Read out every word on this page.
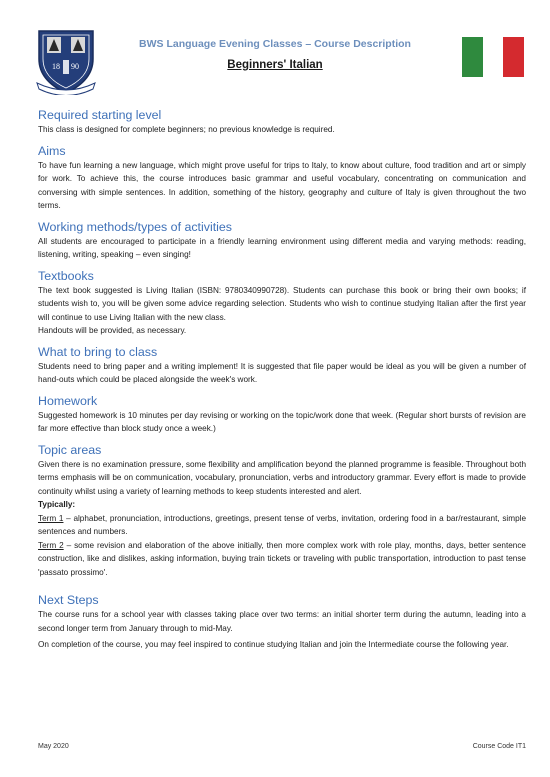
18 90
BWS Language Evening Classes – Course Description
Beginners' Italian
Required starting level

This class is designed for complete beginners; no previous knowledge is required.

Aims

To have fun learning a new language, which might prove useful for trips to Italy, to know about culture, food tradition and art or simply for work. To achieve this, the course introduces basic grammar and useful vocabulary, concentrating on communication and conversing with simple sentences. In addition, something of the history, geography and culture of Italy is given throughout the two terms.

Working methods/types of activities

All students are encouraged to participate in a friendly learning environment using different media and varying methods: reading, listening, writing, speaking – even singing!

Textbooks

The text book suggested is Living Italian (ISBN: 9780340990728). Students can purchase this book or bring their own books; if students wish to, you will be given some advice regarding selection. Students who wish to continue studying Italian after the first year will continue to use Living Italian with the new class.

Handouts will be provided, as necessary.

What to bring to class

Students need to bring paper and a writing implement! It is suggested that file paper would be ideal as you will be given a number of hand-outs which could be placed alongside the week's work.

Homework

Suggested homework is 10 minutes per day revising or working on the topic/work done that week. (Regular short bursts of revision are far more effective than block study once a week.)

Topic areas

Given there is no examination pressure, some flexibility and amplification beyond the planned programme is feasible. Throughout both terms emphasis will be on communication, vocabulary, pronunciation, verbs and introductory grammar. Every effort is made to provide continuity whilst using a variety of learning methods to keep students interested and alert.

Typically:

Term 1 – alphabet, pronunciation, introductions, greetings, present tense of verbs, invitation, ordering food in a bar/restaurant, simple sentences and numbers.

Term 2 – some revision and elaboration of the above initially, then more complex work with role play, months, days, better sentence construction, like and dislikes, asking information, buying train tickets or traveling with public transportation, introduction to past tense 'passato prossimo'.

Next Steps

The course runs for a school year with classes taking place over two terms: an initial shorter term during the autumn, leading into a second longer term from January through to mid-May.

On completion of the course, you may feel inspired to continue studying Italian and join the Intermediate course the following year.

May 2020	Course Code IT1
